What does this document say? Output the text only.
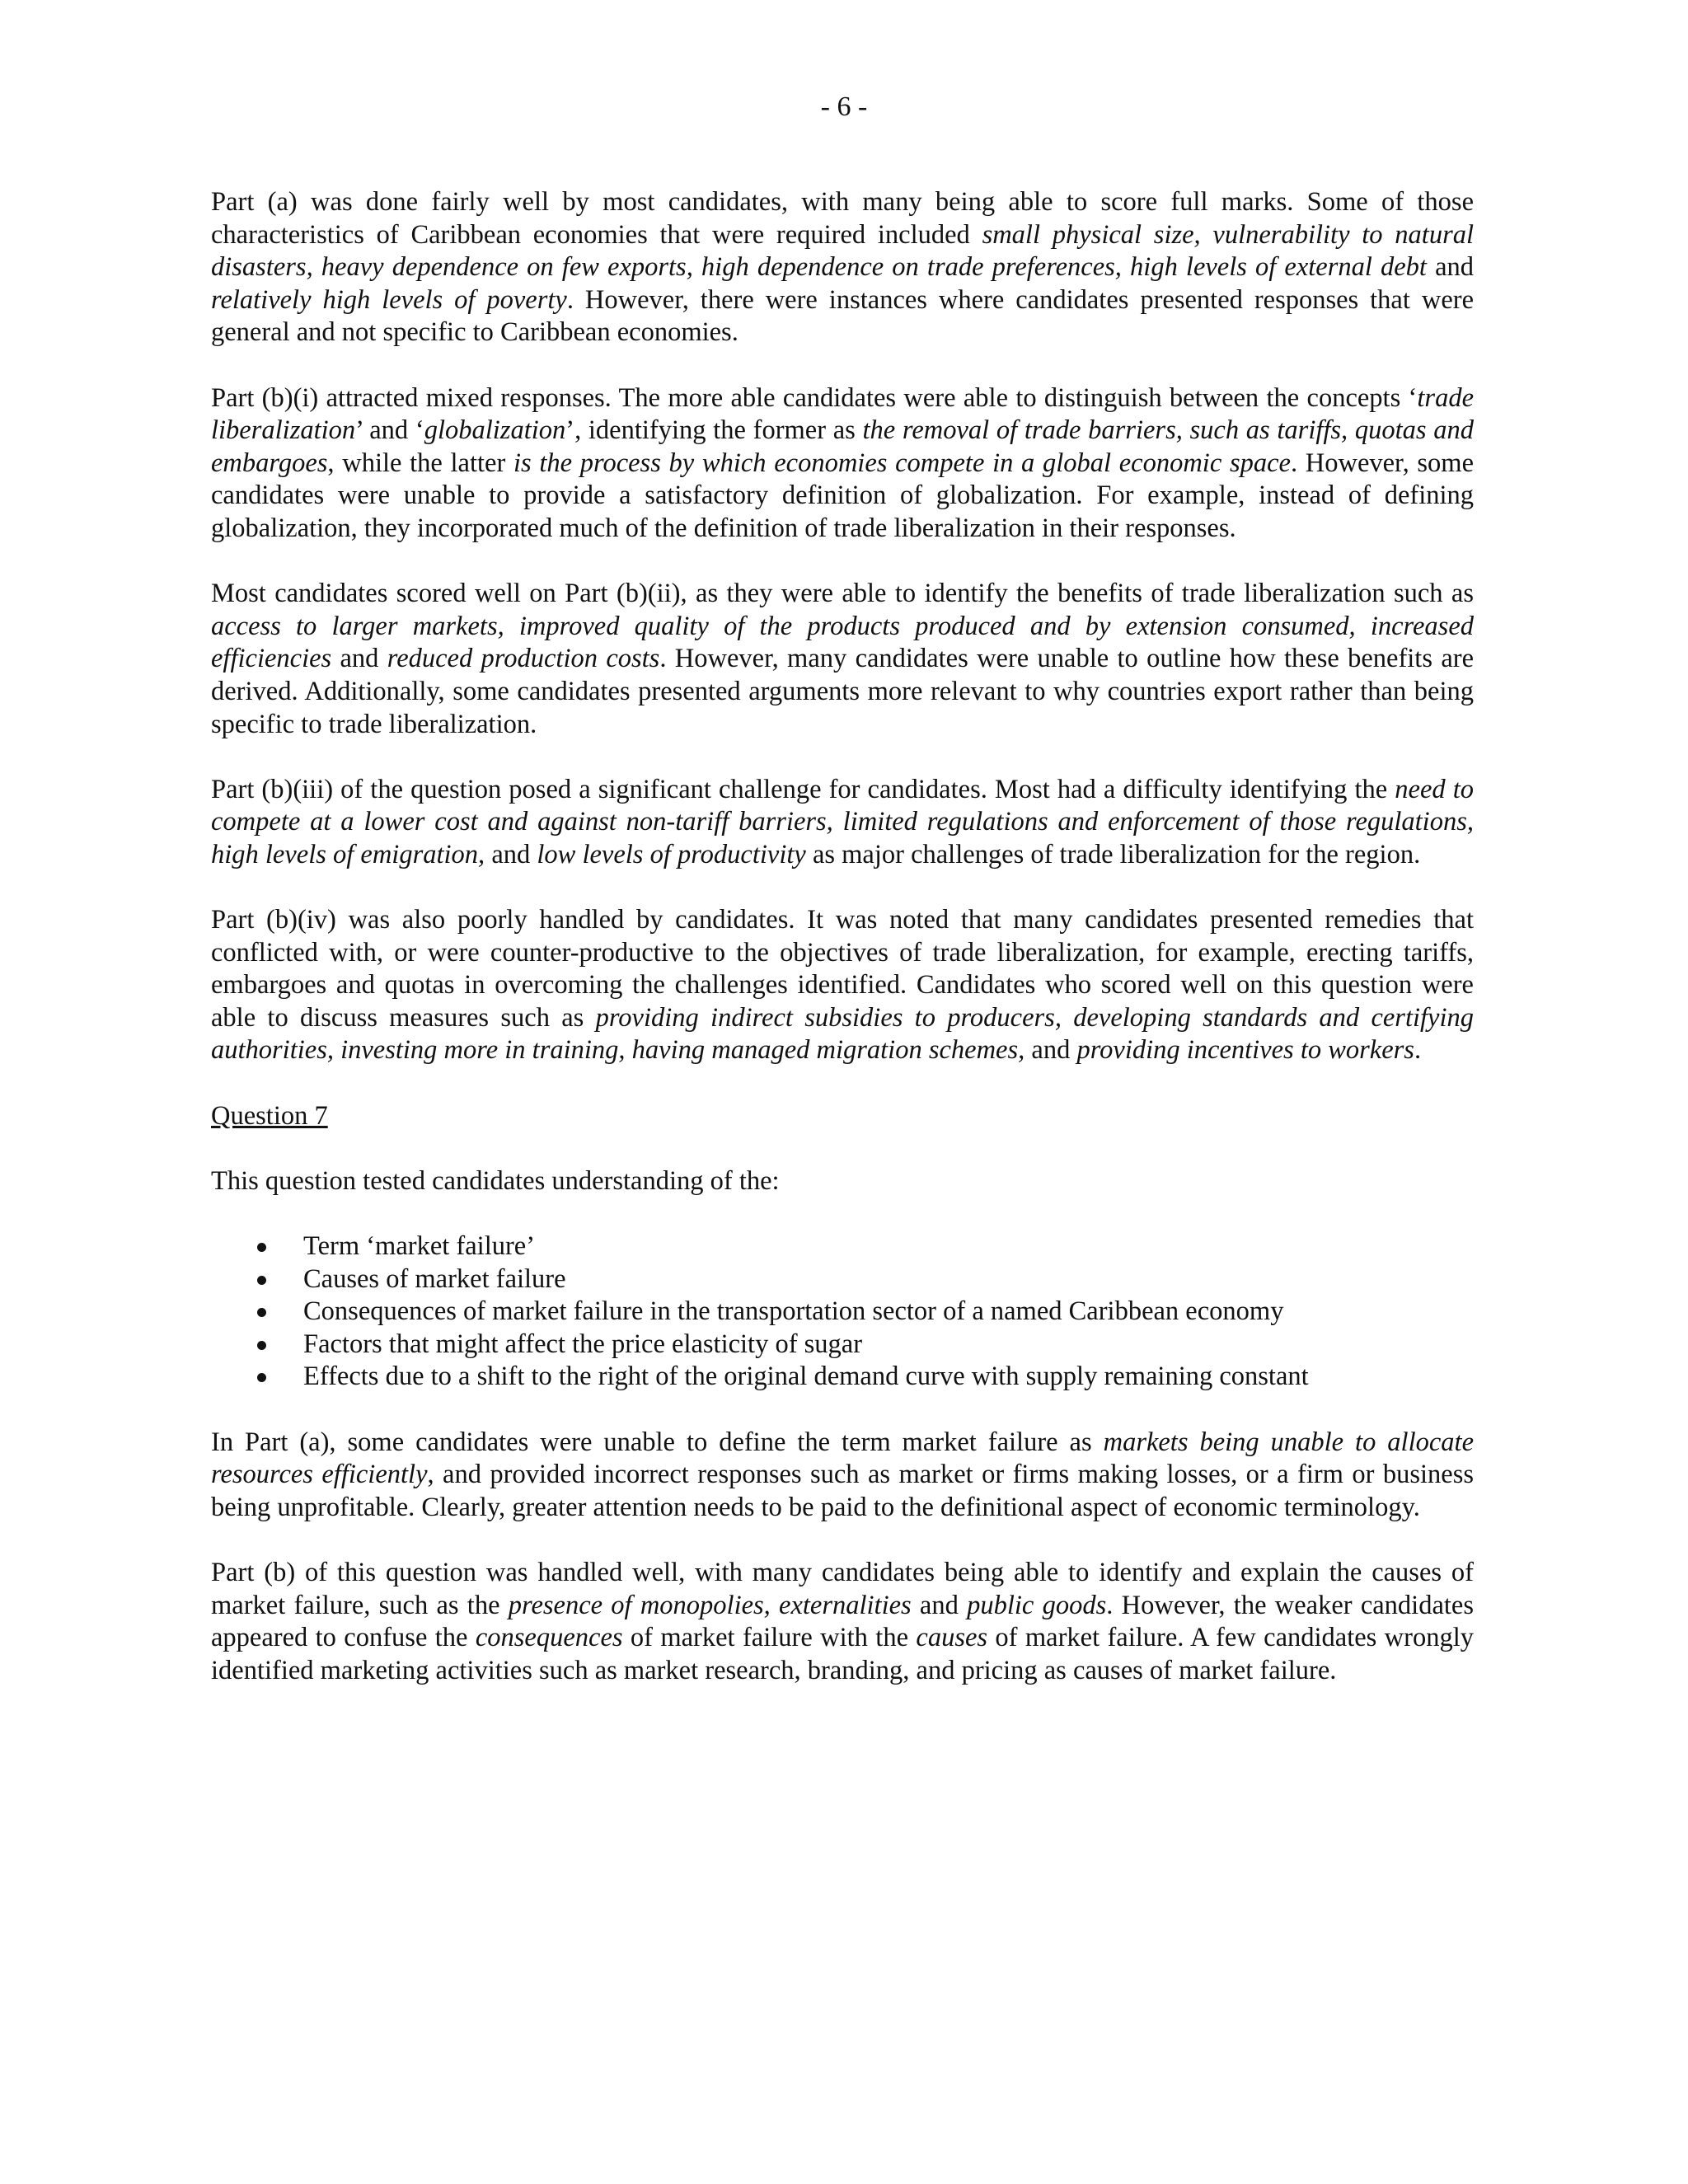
- 6 -

Part (a) was done fairly well by most candidates, with many being able to score full marks. Some of those characteristics of Caribbean economies that were required included small physical size, vulnerability to natural disasters, heavy dependence on few exports, high dependence on trade preferences, high levels of external debt and relatively high levels of poverty. However, there were instances where candidates presented responses that were general and not specific to Caribbean economies.

Part (b)(i) attracted mixed responses. The more able candidates were able to distinguish between the concepts ‘trade liberalization’ and ‘globalization’, identifying the former as the removal of trade barriers, such as tariffs, quotas and embargoes, while the latter is the process by which economies compete in a global economic space. However, some candidates were unable to provide a satisfactory definition of globalization. For example, instead of defining globalization, they incorporated much of the definition of trade liberalization in their responses.

Most candidates scored well on Part (b)(ii), as they were able to identify the benefits of trade liberalization such as access to larger markets, improved quality of the products produced and by extension consumed, increased efficiencies and reduced production costs. However, many candidates were unable to outline how these benefits are derived. Additionally, some candidates presented arguments more relevant to why countries export rather than being specific to trade liberalization.

Part (b)(iii) of the question posed a significant challenge for candidates. Most had a difficulty identifying the need to compete at a lower cost and against non-tariff barriers, limited regulations and enforcement of those regulations, high levels of emigration, and low levels of productivity as major challenges of trade liberalization for the region.

Part (b)(iv) was also poorly handled by candidates. It was noted that many candidates presented remedies that conflicted with, or were counter-productive to the objectives of trade liberalization, for example, erecting tariffs, embargoes and quotas in overcoming the challenges identified. Candidates who scored well on this question were able to discuss measures such as providing indirect subsidies to producers, developing standards and certifying authorities, investing more in training, having managed migration schemes, and providing incentives to workers.

Question 7

This question tested candidates understanding of the:

Term ‘market failure’
Causes of market failure
Consequences of market failure in the transportation sector of a named Caribbean economy
Factors that might affect the price elasticity of sugar
Effects due to a shift to the right of the original demand curve with supply remaining constant

In Part (a), some candidates were unable to define the term market failure as markets being unable to allocate resources efficiently, and provided incorrect responses such as market or firms making losses, or a firm or business being unprofitable. Clearly, greater attention needs to be paid to the definitional aspect of economic terminology.

Part (b) of this question was handled well, with many candidates being able to identify and explain the causes of market failure, such as the presence of monopolies, externalities and public goods. However, the weaker candidates appeared to confuse the consequences of market failure with the causes of market failure. A few candidates wrongly identified marketing activities such as market research, branding, and pricing as causes of market failure.
